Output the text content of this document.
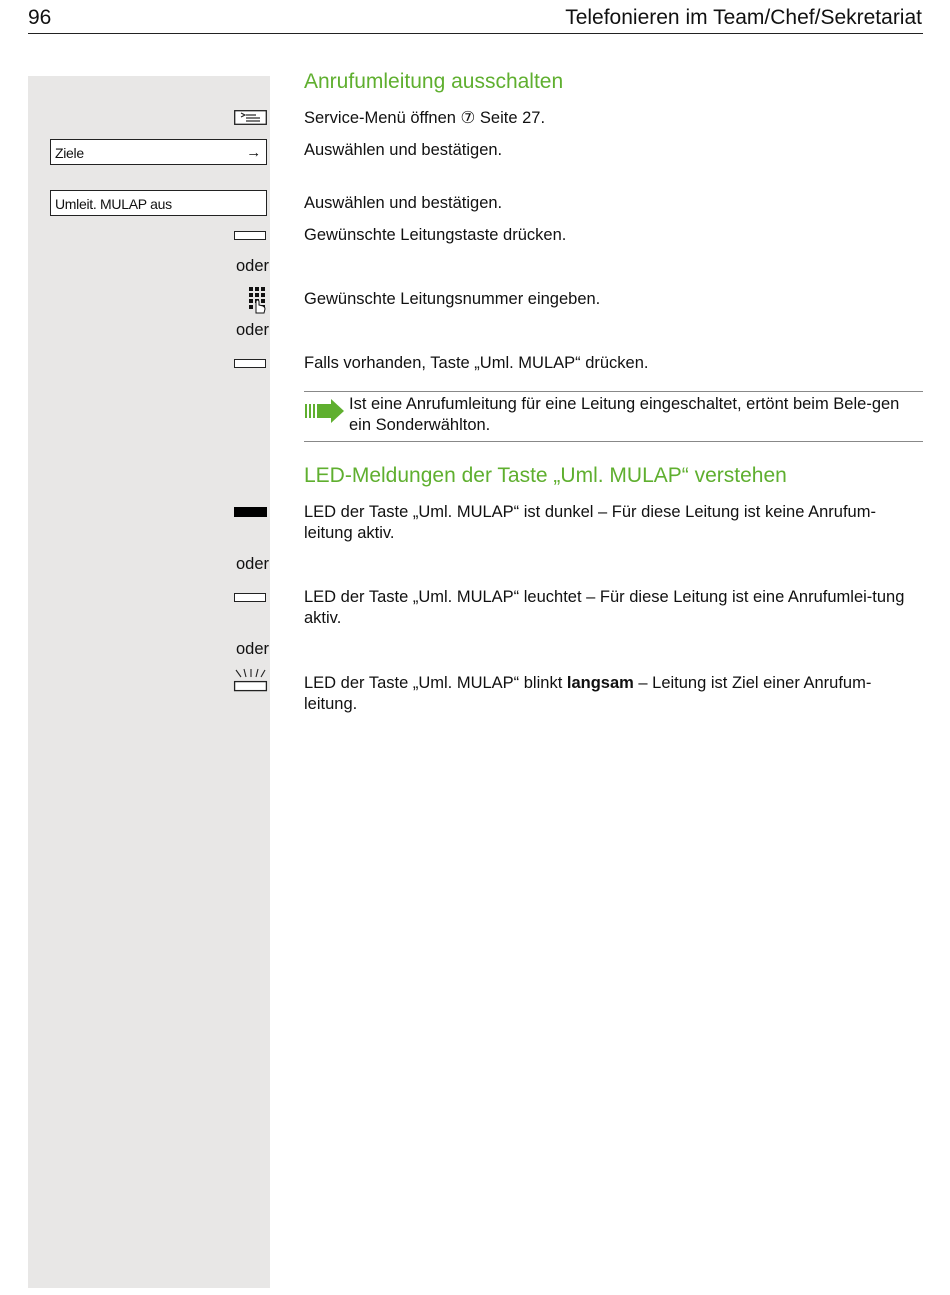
96	Telefonieren im Team/Chef/Sekretariat
Anrufumleitung ausschalten
Service-Menü öffnen ⑦ Seite 27.
Ziele	→	Auswählen und bestätigen.
Umleit. MULAP aus	Auswählen und bestätigen.
Gewünschte Leitungstaste drücken.
oder
Gewünschte Leitungsnummer eingeben.
oder
Falls vorhanden, Taste „Uml. MULAP“ drücken.
Ist eine Anrufumleitung für eine Leitung eingeschaltet, ertönt beim Bele-gen ein Sonderwählton.
LED-Meldungen der Taste „Uml. MULAP“ verstehen
LED der Taste „Uml. MULAP“ ist dunkel – Für diese Leitung ist keine Anrufum-leitung aktiv.
oder
LED der Taste „Uml. MULAP“ leuchtet – Für diese Leitung ist eine Anrufumlei-tung aktiv.
oder
LED der Taste „Uml. MULAP“ blinkt langsam – Leitung ist Ziel einer Anrufum-leitung.
